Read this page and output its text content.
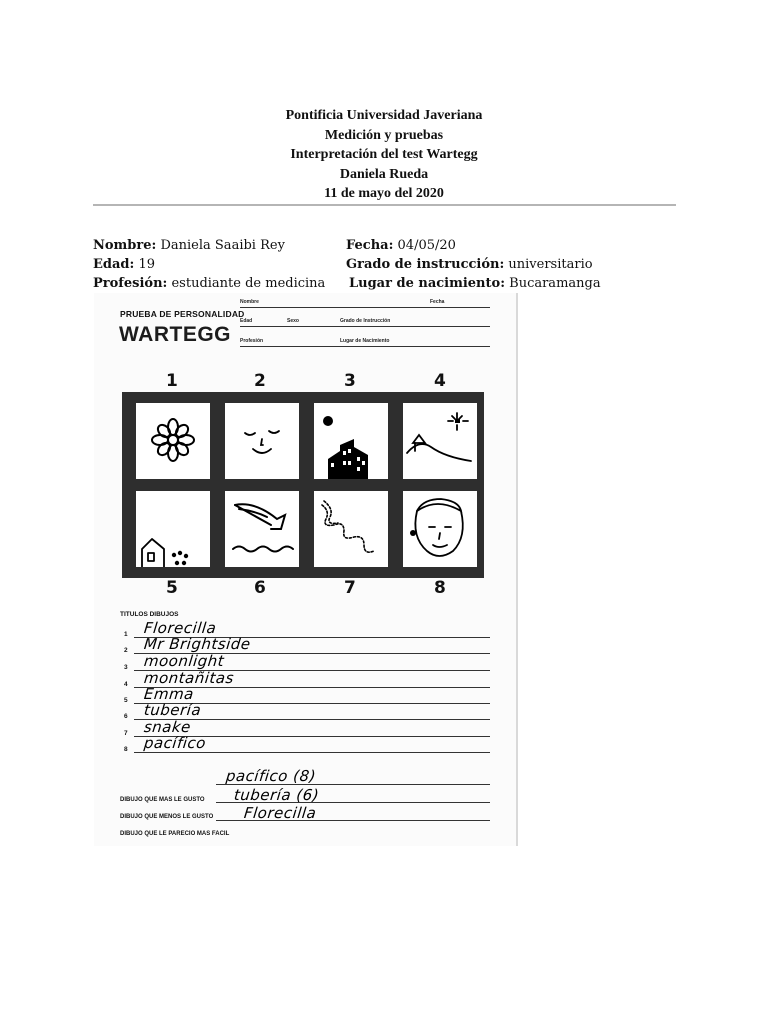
Pontificia Universidad Javeriana
Medición y pruebas
Interpretación del test Wartegg
Daniela Rueda
11 de mayo del 2020
Nombre: Daniela Saaibi Rey	Fecha: 04/05/20
Edad: 19	Grado de instrucción: universitario
Profesión: estudiante de medicina Lugar de nacimiento: Bucaramanga
PRUEBA DE PERSONALIDAD
WARTEGG
Nombre	Fecha
Edad	Sexo	Grado de Instrucción
Profesión	Lugar de Nacimiento
1	2	3	4
5	6	7	8
TITULOS DIBUJOS
1 Florecilla
2 Mr Brightside
3 moonlight
4 montañitas
5 Emma
6 tubería
7 snake
8 pacífico
DIBUJO QUE MAS LE GUSTO
pacífico (8)
DIBUJO QUE MENOS LE GUSTO
tubería (6)
DIBUJO QUE LE PARECIO MAS FACIL
Florecilla
